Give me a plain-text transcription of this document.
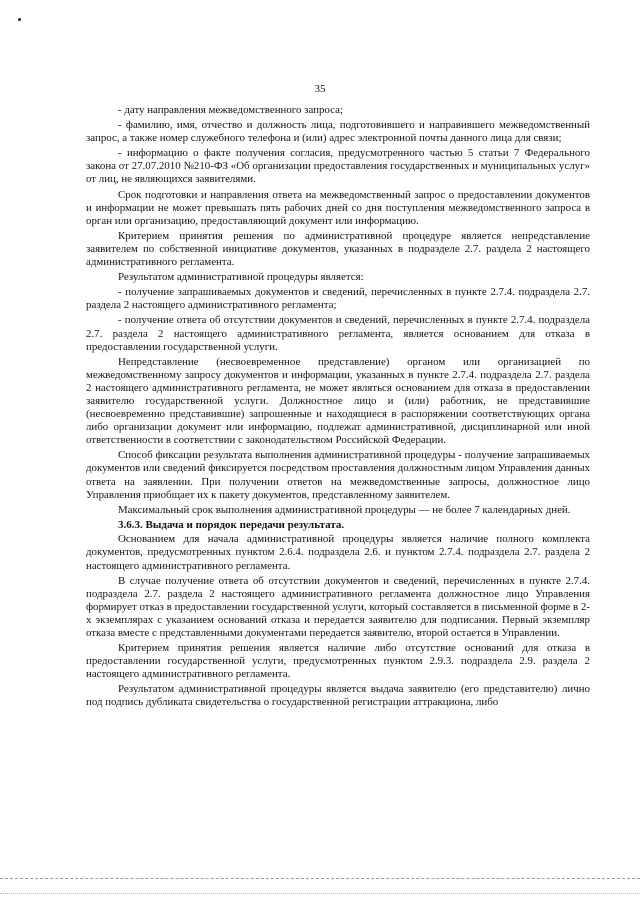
35

- дату направления межведомственного запроса;

- фамилию, имя, отчество и должность лица, подготовившего и направившего межведомственный запрос, а также номер служебного телефона и (или) адрес электронной почты данного лица для связи;

- информацию о факте получения согласия, предусмотренного частью 5 статьи 7 Федерального закона от 27.07.2010 №210-ФЗ «Об организации предоставления государственных и муниципальных услуг» от лиц, не являющихся заявителями.

Срок подготовки и направления ответа на межведомственный запрос о предоставлении документов и информации не может превышать пять рабочих дней со дня поступления межведомственного запроса в орган или организацию, предоставляющий документ или информацию.

Критерием принятия решения по административной процедуре является непредставление заявителем по собственной инициативе документов, указанных в подразделе 2.7. раздела 2 настоящего административного регламента.

Результатом административной процедуры является:

- получение запрашиваемых документов и сведений, перечисленных в пункте 2.7.4. подраздела 2.7. раздела 2 настоящего административного регламента;

- получение ответа об отсутствии документов и сведений, перечисленных в пункте 2.7.4. подраздела 2.7. раздела 2 настоящего административного регламента, является основанием для отказа в предоставлении государственной услуги.

Непредставление (несвоевременное представление) органом или организацией по межведомственному запросу документов и информации, указанных в пункте 2.7.4. подраздела 2.7. раздела 2 настоящего административного регламента, не может являться основанием для отказа в предоставлении заявителю государственной услуги. Должностное лицо и (или) работник, не представившие (несвоевременно представившие) запрошенные и находящиеся в распоряжении соответствующих органа либо организации документ или информацию, подлежат административной, дисциплинарной или иной ответственности в соответствии с законодательством Российской Федерации.

Способ фиксации результата выполнения административной процедуры - получение запрашиваемых документов или сведений фиксируется посредством проставления должностным лицом Управления данных ответа на заявлении. При получении ответов на межведомственные запросы, должностное лицо Управления приобщает их к пакету документов, представленному заявителем.

Максимальный срок выполнения административной процедуры — не более 7 календарных дней.

3.6.3. Выдача и порядок передачи результата.

Основанием для начала административной процедуры является наличие полного комплекта документов, предусмотренных пунктом 2.6.4. подраздела 2.6. и пунктом 2.7.4. подраздела 2.7. раздела 2 настоящего административного регламента.

В случае получение ответа об отсутствии документов и сведений, перечисленных в пункте 2.7.4. подраздела 2.7. раздела 2 настоящего административного регламента должностное лицо Управления формирует отказ в предоставлении государственной услуги, который составляется в письменной форме в 2-х экземплярах с указанием оснований отказа и передается заявителю для подписания. Первый экземпляр отказа вместе с представленными документами передается заявителю, второй остается в Управлении.

Критерием принятия решения является наличие либо отсутствие оснований для отказа в предоставлении государственной услуги, предусмотренных пунктом 2.9.3. подраздела 2.9. раздела 2 настоящего административного регламента.

Результатом административной процедуры является выдача заявителю (его представителю) лично под подпись дубликата свидетельства о государственной регистрации аттракциона, либо
